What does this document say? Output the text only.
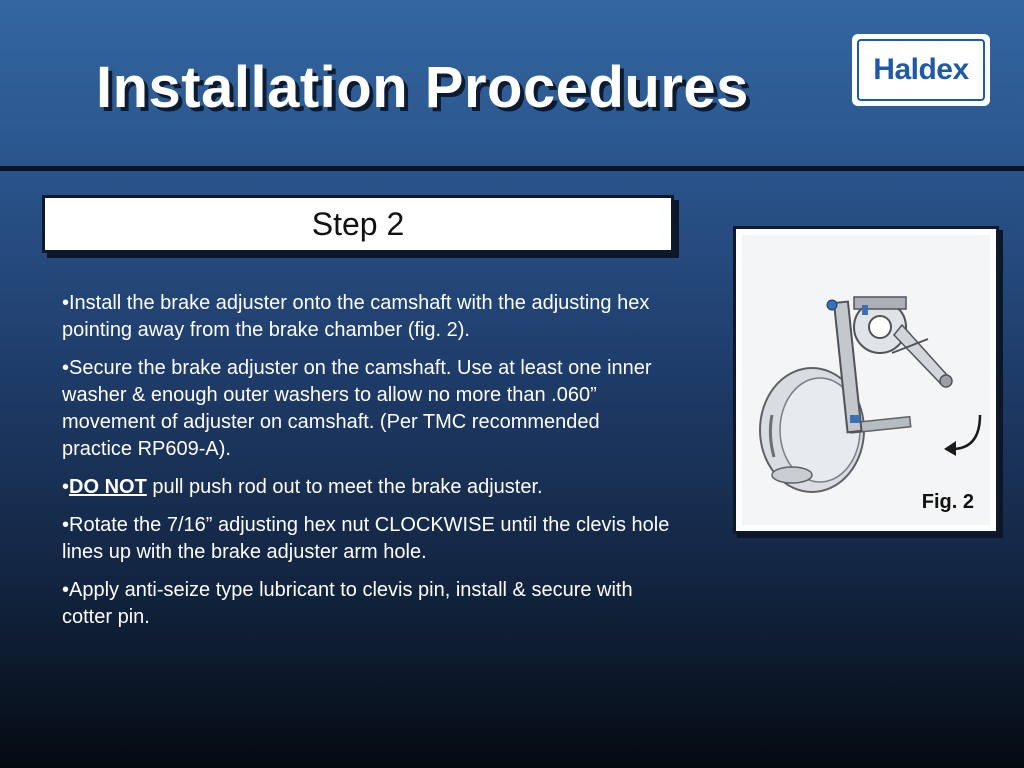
Installation Procedures	Haldex
Step 2
•Install the brake adjuster onto the camshaft with the adjusting hex pointing away from the brake chamber (fig. 2).
•Secure the brake adjuster on the camshaft. Use at least one inner washer & enough outer washers to allow no more than .060” movement of adjuster on camshaft. (Per TMC recommended practice RP609-A).
•DO NOT pull push rod out to meet the brake adjuster.
•Rotate the 7/16” adjusting hex nut CLOCKWISE until the clevis hole lines up with the brake adjuster arm hole.
•Apply anti-seize type lubricant to clevis pin, install & secure with cotter pin.
Fig. 2
